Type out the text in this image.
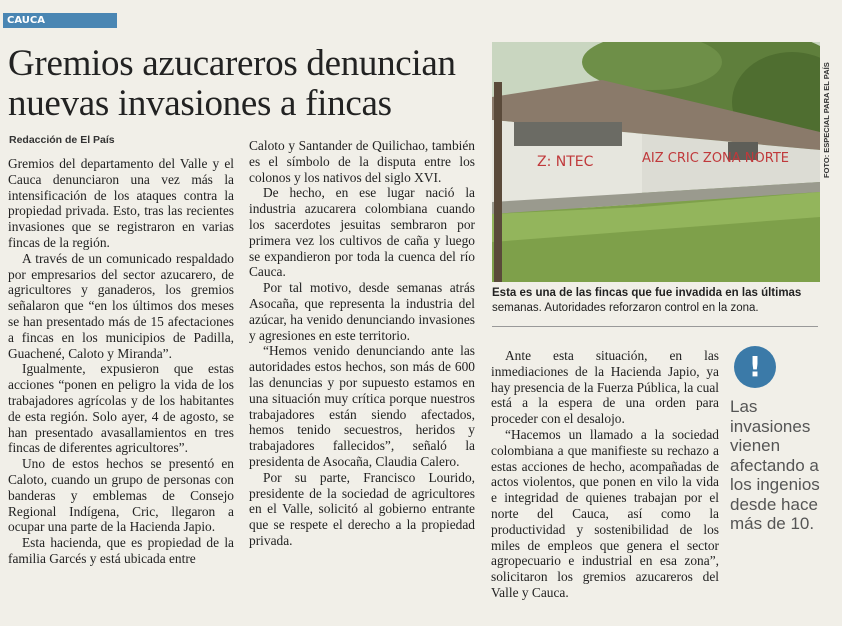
CAUCA
Gremios azucareros denuncian nuevas invasiones a fincas
Redacción de El País

Gremios del departamento del Valle y el Cauca denunciaron una vez más la intensificación de los ataques contra la propiedad privada. Esto, tras las recientes invasiones que se registraron en varias fincas de la región.

A través de un comunicado respaldado por empresarios del sector azucarero, de agricultores y ganaderos, los gremios señalaron que “en los últimos dos meses se han presentado más de 15 afectaciones a fincas en los municipios de Padilla, Guachené, Caloto y Miranda”.

Igualmente, expusieron que estas acciones “ponen en peligro la vida de los trabajadores agrícolas y de los habitantes de esta región. Solo ayer, 4 de agosto, se han presentado avasallamientos en tres fincas de diferentes agricultores”.

Uno de estos hechos se presentó en Caloto, cuando un grupo de personas con banderas y emblemas de Consejo Regional Indígena, Cric, llegaron a ocupar una parte de la Hacienda Japio.

Esta hacienda, que es propiedad de la familia Garcés y está ubicada entre

Caloto y Santander de Quilichao, también es el símbolo de la disputa entre los colonos y los nativos del siglo XVI.

De hecho, en ese lugar nació la industria azucarera colombiana cuando los sacerdotes jesuitas sembraron por primera vez los cultivos de caña y luego se expandieron por toda la cuenca del río Cauca.

Por tal motivo, desde semanas atrás Asocaña, que representa la industria del azúcar, ha venido denunciando invasiones y agresiones en este territorio.

“Hemos venido denunciando ante las autoridades estos hechos, son más de 600 las denuncias y por supuesto estamos en una situación muy crítica porque nuestros trabajadores están siendo afectados, hemos tenido secuestros, heridos y trabajadores fallecidos”, señaló la presidenta de Asocaña, Claudia Calero.

Por su parte, Francisco Lourido, presidente de la sociedad de agricultores en el Valle, solicitó al gobierno entrante que se respete el derecho a la propiedad privada.

Z: NTEC	AIZ CRIC ZONA NORTE	FOTO: ESPECIAL PARA EL PAÍS
Esta es una de las fincas que fue invadida en las últimas
semanas. Autoridades reforzaron control en la zona.

Ante esta situación, en las inmediaciones de la Hacienda Japio, ya hay presencia de la Fuerza Pública, la cual está a la espera de una orden para proceder con el desalojo.

“Hacemos un llamado a la sociedad colombiana a que manifieste su rechazo a estas acciones de hecho, acompañadas de actos violentos, que ponen en vilo la vida e integridad de quienes trabajan por el norte del Cauca, así como la productividad y sostenibilidad de los miles de empleos que genera el sector agropecuario e industrial en esa zona”, solicitaron los gremios azucareros del Valle y Cauca.

!
Las invasiones vienen afectando a los ingenios desde hace más de 10.
